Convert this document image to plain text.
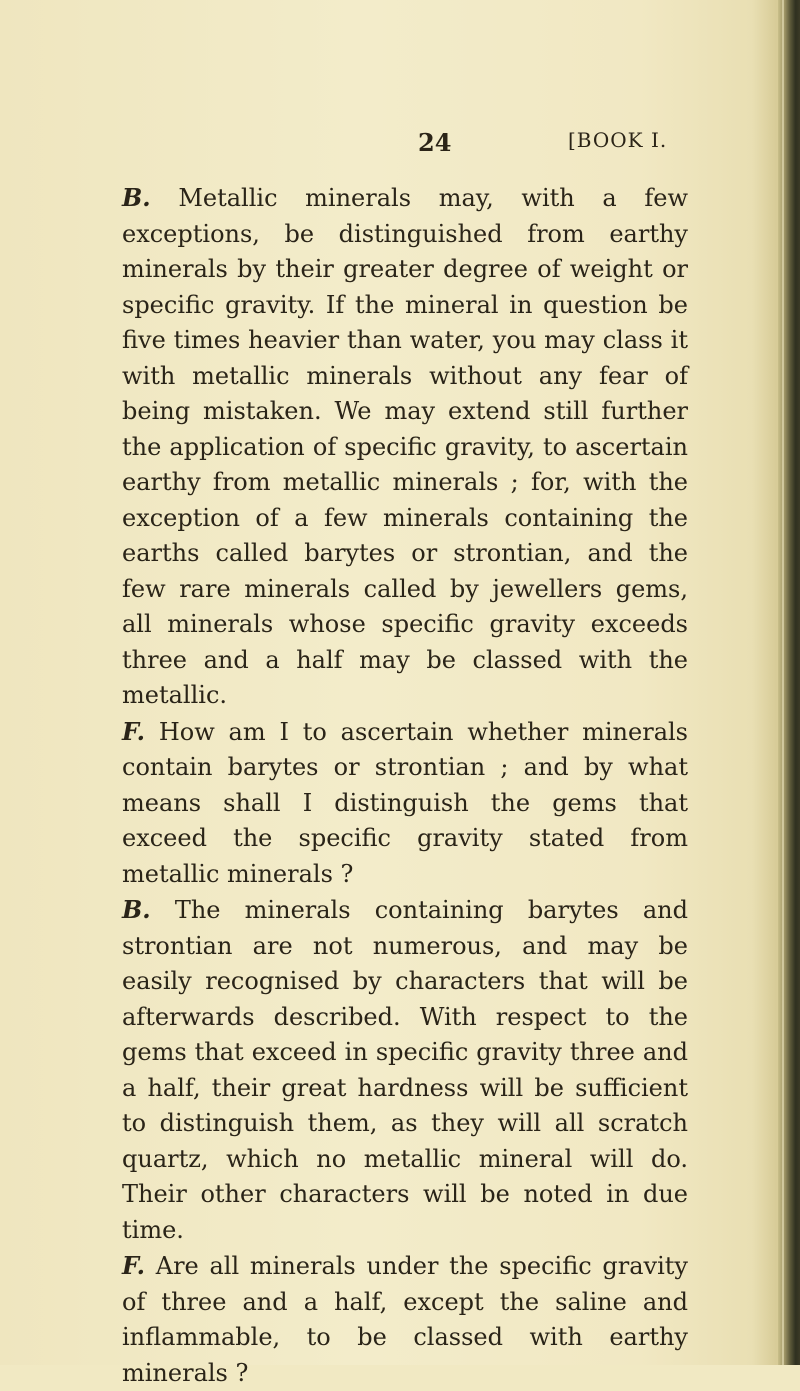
24	[BOOK I.

B. Metallic minerals may, with a few exceptions, be distinguished from earthy minerals by their greater degree of weight or specific gravity. If the mineral in question be five times heavier than water, you may class it with metallic minerals without any fear of being mistaken. We may extend still further the application of specific gravity, to ascertain earthy from metallic minerals ; for, with the exception of a few minerals containing the earths called barytes or strontian, and the few rare minerals called by jewellers gems, all minerals whose specific gravity exceeds three and a half may be classed with the metallic.

F. How am I to ascertain whether minerals contain barytes or strontian ; and by what means shall I distinguish the gems that exceed the specific gravity stated from metallic minerals ?

B. The minerals containing barytes and strontian are not numerous, and may be easily recognised by characters that will be afterwards described. With respect to the gems that exceed in specific gravity three and a half, their great hardness will be sufficient to distinguish them, as they will all scratch quartz, which no metallic mineral will do. Their other characters will be noted in due time.

F. Are all minerals under the specific gravity of three and a half, except the saline and inflammable, to be classed with earthy minerals ?
